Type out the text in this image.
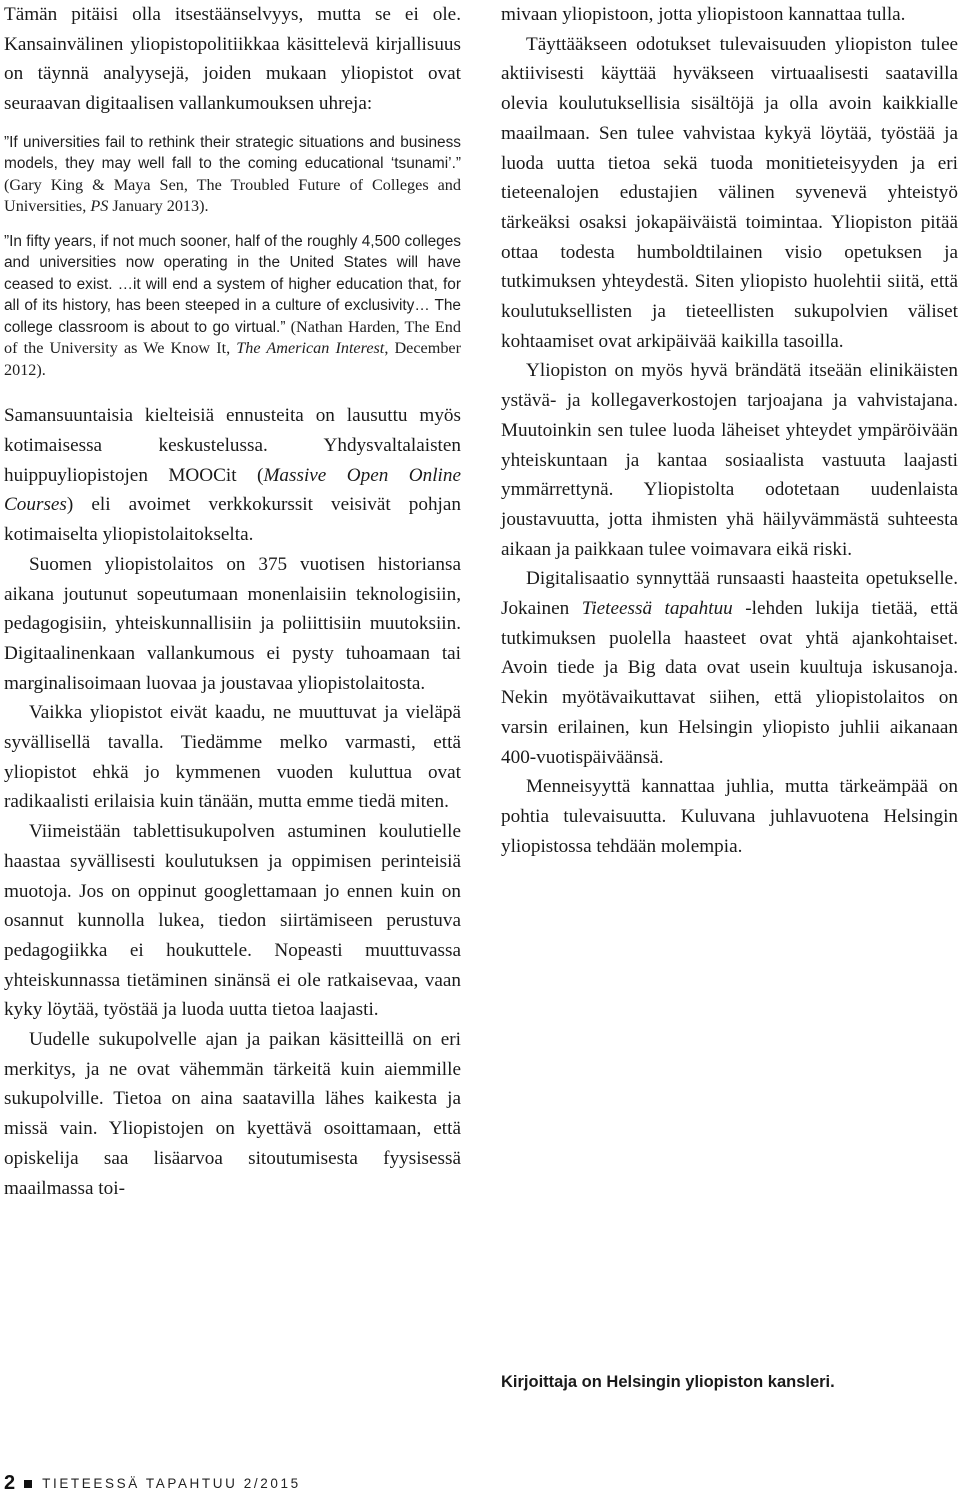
Tämän pitäisi olla itsestäänselvyys, mutta se ei ole. Kansainvälinen yliopistopolitiikkaa käsittelevä kirjallisuus on täynnä analyysejä, joiden mukaan yliopistot ovat seuraavan digitaalisen vallankumouksen uhreja:

”If universities fail to rethink their strategic situations and business models, they may well fall to the coming educational ‘tsunami’.” (Gary King & Maya Sen, The Troubled Future of Colleges and Universities, PS January 2013).

”In fifty years, if not much sooner, half of the roughly 4,500 colleges and universities now operating in the United States will have ceased to exist. …it will end a system of higher education that, for all of its history, has been steeped in a culture of exclusivity… The college classroom is about to go virtual.” (Nathan Harden, The End of the University as We Know It, The American Interest, December 2012).

Samansuuntaisia kielteisiä ennusteita on lausuttu myös kotimaisessa keskustelussa. Yhdysvaltalaisten huippuyliopistojen MOOCit (Massive Open Online Courses) eli avoimet verkkokurssit veisivät pohjan kotimaiselta yliopistolaitokselta.

Suomen yliopistolaitos on 375 vuotisen historiansa aikana joutunut sopeutumaan monenlaisiin teknologisiin, pedagogisiin, yhteiskunnallisiin ja poliittisiin muutoksiin. Digitaalinenkaan vallankumous ei pysty tuhoamaan tai marginalisoimaan luovaa ja joustavaa yliopistolaitosta.

Vaikka yliopistot eivät kaadu, ne muuttuvat ja vieläpä syvällisellä tavalla. Tiedämme melko varmasti, että yliopistot ehkä jo kymmenen vuoden kuluttua ovat radikaalisti erilaisia kuin tänään, mutta emme tiedä miten.

Viimeistään tablettisukupolven astuminen koulutielle haastaa syvällisesti koulutuksen ja oppimisen perinteisiä muotoja. Jos on oppinut googlettamaan jo ennen kuin on osannut kunnolla lukea, tiedon siirtämiseen perustuva pedagogiikka ei houkuttele. Nopeasti muuttuvassa yhteiskunnassa tietäminen sinänsä ei ole ratkaisevaa, vaan kyky löytää, työstää ja luoda uutta tietoa laajasti.

Uudelle sukupolvelle ajan ja paikan käsitteillä on eri merkitys, ja ne ovat vähemmän tärkeitä kuin aiemmille sukupolville. Tietoa on aina saatavilla lähes kaikesta ja missä vain. Yliopistojen on kyettävä osoittamaan, että opiskelija saa lisäarvoa sitoutumisesta fyysisessä maailmassa toi-

mivaan yliopistoon, jotta yliopistoon kannattaa tulla.

Täyttääkseen odotukset tulevaisuuden yliopiston tulee aktiivisesti käyttää hyväkseen virtuaalisesti saatavilla olevia koulutuksellisia sisältöjä ja olla avoin kaikkialle maailmaan. Sen tulee vahvistaa kykyä löytää, työstää ja luoda uutta tietoa sekä tuoda monitieteisyyden ja eri tieteenalojen edustajien välinen syvenevä yhteistyö tärkeäksi osaksi jokapäiväistä toimintaa. Yliopiston pitää ottaa todesta humboldtilainen visio opetuksen ja tutkimuksen yhteydestä. Siten yliopisto huolehtii siitä, että koulutuksellisten ja tieteellisten sukupolvien väliset kohtaamiset ovat arkipäivää kaikilla tasoilla.

Yliopiston on myös hyvä brändätä itseään elinikäisten ystävä- ja kollegaverkostojen tarjoajana ja vahvistajana. Muutoinkin sen tulee luoda läheiset yhteydet ympäröivään yhteiskuntaan ja kantaa sosiaalista vastuuta laajasti ymmärrettynä. Yliopistolta odotetaan uudenlaista joustavuutta, jotta ihmisten yhä häilyvämmästä suhteesta aikaan ja paikkaan tulee voimavara eikä riski.

Digitalisaatio synnyttää runsaasti haasteita opetukselle. Jokainen Tieteessä tapahtuu -lehden lukija tietää, että tutkimuksen puolella haasteet ovat yhtä ajankohtaiset. Avoin tiede ja Big data ovat usein kuultuja iskusanoja. Nekin myötävaikuttavat siihen, että yliopistolaitos on varsin erilainen, kun Helsingin yliopisto juhlii aikanaan 400-vuotispäiväänsä.

Menneisyyttä kannattaa juhlia, mutta tärkeämpää on pohtia tulevaisuutta. Kuluvana juhlavuotena Helsingin yliopistossa tehdään molempia.

Kirjoittaja on Helsingin yliopiston kansleri.
2 TIETEESSÄ TAPAHTUU 2/2015
